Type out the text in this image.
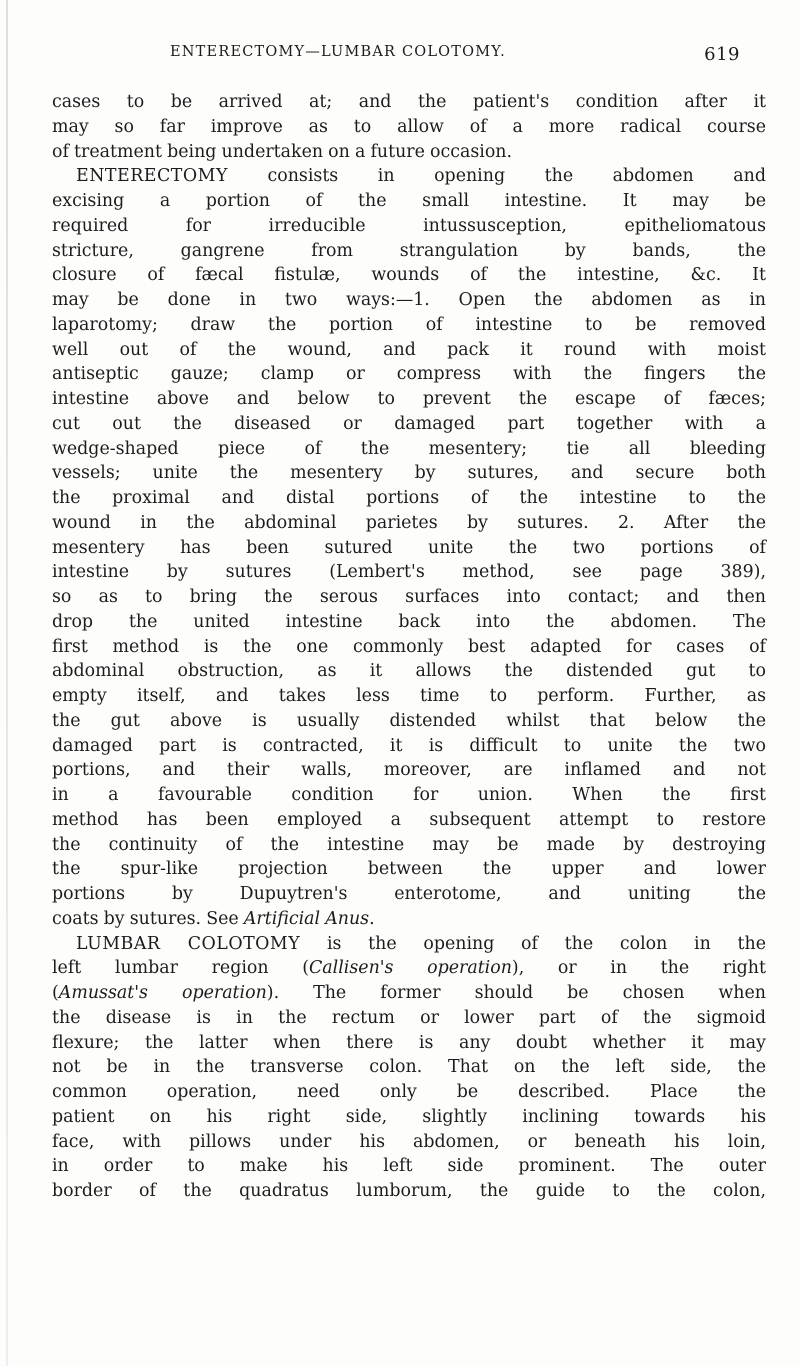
ENTERECTOMY—LUMBAR COLOTOMY.	619
cases to be arrived at; and the patient's condition after it
may so far improve as to allow of a more radical course
of treatment being undertaken on a future occasion.
ENTERECTOMY consists in opening the abdomen and
excising a portion of the small intestine. It may be
required for irreducible intussusception, epitheliomatous
stricture, gangrene from strangulation by bands, the
closure of fæcal fistulæ, wounds of the intestine, &c. It
may be done in two ways:—1. Open the abdomen as in
laparotomy; draw the portion of intestine to be removed
well out of the wound, and pack it round with moist
antiseptic gauze; clamp or compress with the fingers the
intestine above and below to prevent the escape of fæces;
cut out the diseased or damaged part together with a
wedge-shaped piece of the mesentery; tie all bleeding
vessels; unite the mesentery by sutures, and secure both
the proximal and distal portions of the intestine to the
wound in the abdominal parietes by sutures. 2. After the
mesentery has been sutured unite the two portions of
intestine by sutures (Lembert's method, see page 389),
so as to bring the serous surfaces into contact; and then
drop the united intestine back into the abdomen. The
first method is the one commonly best adapted for cases of
abdominal obstruction, as it allows the distended gut to
empty itself, and takes less time to perform. Further, as
the gut above is usually distended whilst that below the
damaged part is contracted, it is difficult to unite the two
portions, and their walls, moreover, are inflamed and not
in a favourable condition for union. When the first
method has been employed a subsequent attempt to restore
the continuity of the intestine may be made by destroying
the spur-like projection between the upper and lower
portions by Dupuytren's enterotome, and uniting the
coats by sutures. See Artificial Anus.
LUMBAR COLOTOMY is the opening of the colon in the
left lumbar region (Callisen's operation), or in the right
(Amussat's operation). The former should be chosen when
the disease is in the rectum or lower part of the sigmoid
flexure; the latter when there is any doubt whether it may
not be in the transverse colon. That on the left side, the
common operation, need only be described. Place the
patient on his right side, slightly inclining towards his
face, with pillows under his abdomen, or beneath his loin,
in order to make his left side prominent. The outer
border of the quadratus lumborum, the guide to the colon,
